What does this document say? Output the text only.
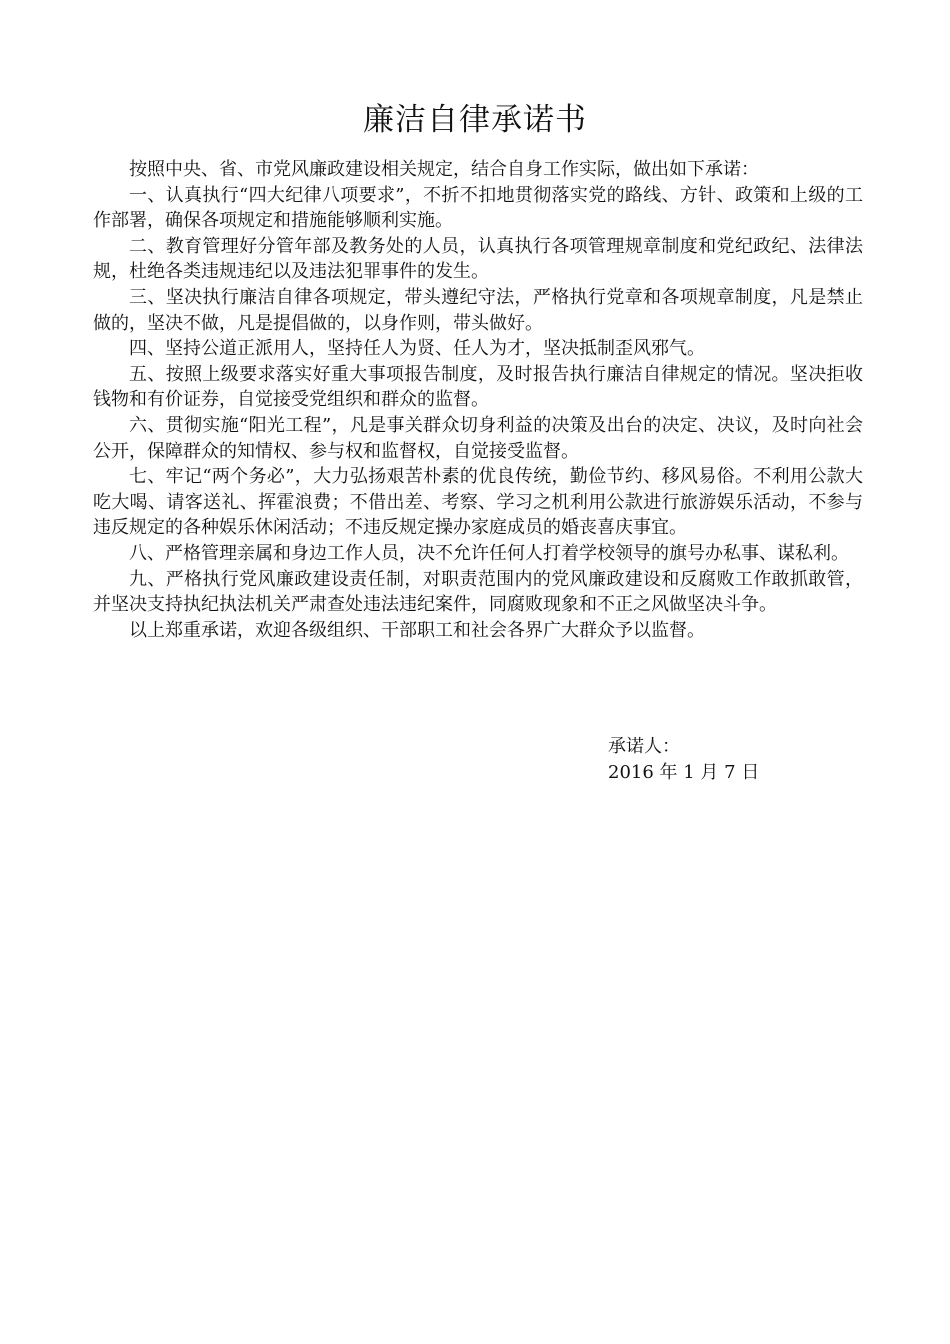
廉洁自律承诺书

按照中央、省、市党风廉政建设相关规定，结合自身工作实际，做出如下承诺：

一、认真执行“四大纪律八项要求”，不折不扣地贯彻落实党的路线、方针、政策和上级的工作部署，确保各项规定和措施能够顺利实施。

二、教育管理好分管年部及教务处的人员，认真执行各项管理规章制度和党纪政纪、法律法规，杜绝各类违规违纪以及违法犯罪事件的发生。

三、坚决执行廉洁自律各项规定，带头遵纪守法，严格执行党章和各项规章制度，凡是禁止做的，坚决不做，凡是提倡做的，以身作则，带头做好。

四、坚持公道正派用人，坚持任人为贤、任人为才，坚决抵制歪风邪气。

五、按照上级要求落实好重大事项报告制度，及时报告执行廉洁自律规定的情况。坚决拒收钱物和有价证券，自觉接受党组织和群众的监督。

六、贯彻实施“阳光工程”，凡是事关群众切身利益的决策及出台的决定、决议，及时向社会公开，保障群众的知情权、参与权和监督权，自觉接受监督。

七、牢记“两个务必”，大力弘扬艰苦朴素的优良传统，勤俭节约、移风易俗。不利用公款大吃大喝、请客送礼、挥霍浪费；不借出差、考察、学习之机利用公款进行旅游娱乐活动，不参与违反规定的各种娱乐休闲活动；不违反规定操办家庭成员的婚丧喜庆事宜。

八、严格管理亲属和身边工作人员，决不允许任何人打着学校领导的旗号办私事、谋私利。

九、严格执行党风廉政建设责任制，对职责范围内的党风廉政建设和反腐败工作敢抓敢管，并坚决支持执纪执法机关严肃查处违法违纪案件，同腐败现象和不正之风做坚决斗争。

以上郑重承诺，欢迎各级组织、干部职工和社会各界广大群众予以监督。

承诺人：

2016 年 1 月 7 日
